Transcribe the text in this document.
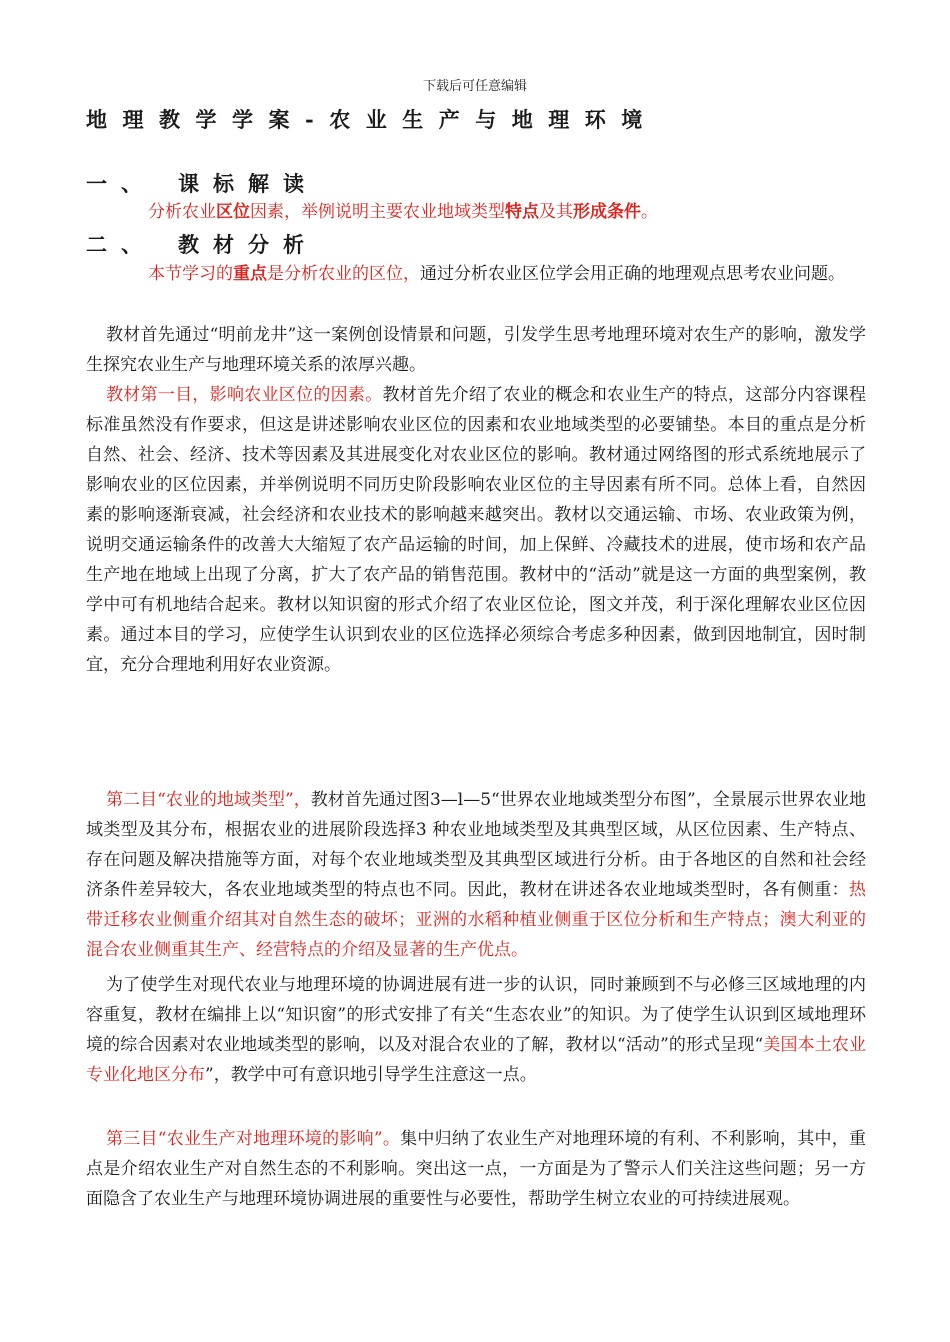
下载后可任意编辑
地理教学学案-农业生产与地理环境
一、 课标解读

分析农业区位因素，举例说明主要农业地域类型特点及其形成条件。

二、 教材分析

本节学习的重点是分析农业的区位，通过分析农业区位学会用正确的地理观点思考农业问题。

教材首先通过“明前龙井”这一案例创设情景和问题，引发学生思考地理环境对农生产的影响，激发学生探究农业生产与地理环境关系的浓厚兴趣。

教材第一目，影响农业区位的因素。教材首先介绍了农业的概念和农业生产的特点，这部分内容课程标准虽然没有作要求，但这是讲述影响农业区位的因素和农业地域类型的必要铺垫。本目的重点是分析自然、社会、经济、技术等因素及其进展变化对农业区位的影响。教材通过网络图的形式系统地展示了影响农业的区位因素，并举例说明不同历史阶段影响农业区位的主导因素有所不同。总体上看，自然因素的影响逐渐衰减，社会经济和农业技术的影响越来越突出。教材以交通运输、市场、农业政策为例，说明交通运输条件的改善大大缩短了农产品运输的时间，加上保鲜、冷藏技术的进展，使市场和农产品生产地在地域上出现了分离，扩大了农产品的销售范围。教材中的“活动”就是这一方面的典型案例，教学中可有机地结合起来。教材以知识窗的形式介绍了农业区位论，图文并茂，利于深化理解农业区位因素。通过本目的学习，应使学生认识到农业的区位选择必须综合考虑多种因素，做到因地制宜，因时制宜，充分合理地利用好农业资源。

第二目“农业的地域类型”，教材首先通过图3—l—5“世界农业地域类型分布图”，全景展示世界农业地域类型及其分布，根据农业的进展阶段选择3 种农业地域类型及其典型区域，从区位因素、生产特点、存在问题及解决措施等方面，对每个农业地域类型及其典型区域进行分析。由于各地区的自然和社会经济条件差异较大，各农业地域类型的特点也不同。因此，教材在讲述各农业地域类型时，各有侧重：热带迁移农业侧重介绍其对自然生态的破坏；亚洲的水稻种植业侧重于区位分析和生产特点；澳大利亚的混合农业侧重其生产、经营特点的介绍及显著的生产优点。

为了使学生对现代农业与地理环境的协调进展有进一步的认识，同时兼顾到不与必修三区域地理的内容重复，教材在编排上以“知识窗”的形式安排了有关“生态农业”的知识。为了使学生认识到区域地理环境的综合因素对农业地域类型的影响，以及对混合农业的了解，教材以“活动”的形式呈现“美国本土农业专业化地区分布”，教学中可有意识地引导学生注意这一点。

第三目“农业生产对地理环境的影响”。集中归纳了农业生产对地理环境的有利、不利影响，其中，重点是介绍农业生产对自然生态的不利影响。突出这一点，一方面是为了警示人们关注这些问题；另一方面隐含了农业生产与地理环境协调进展的重要性与必要性，帮助学生树立农业的可持续进展观。
